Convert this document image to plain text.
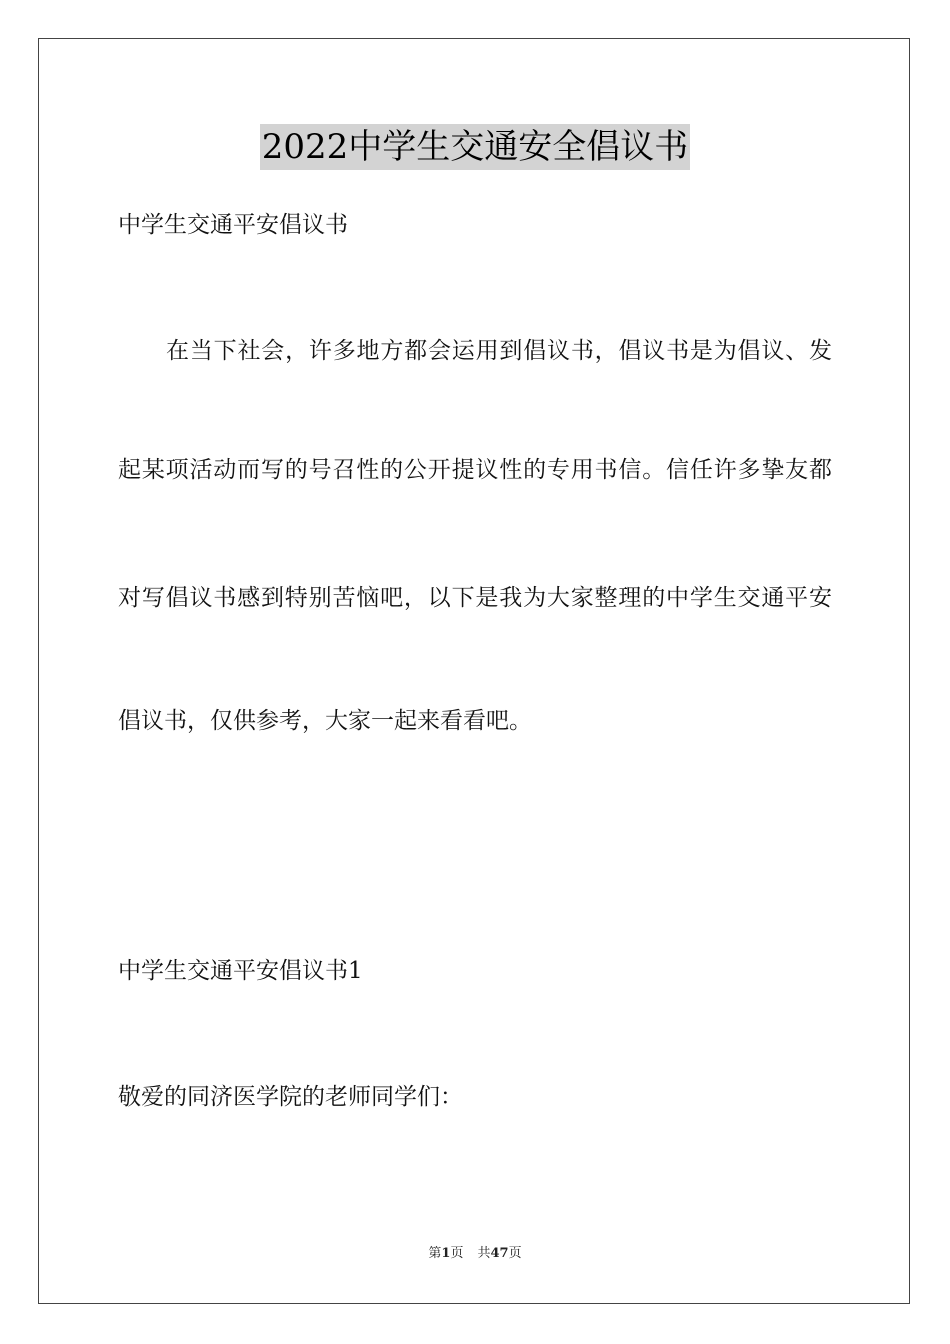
2022中学生交通安全倡议书
中学生交通平安倡议书
在当下社会，许多地方都会运用到倡议书，倡议书是为倡议、发
起某项活动而写的号召性的公开提议性的专用书信。信任许多挚友都
对写倡议书感到特别苦恼吧，以下是我为大家整理的中学生交通平安
倡议书，仅供参考，大家一起来看看吧。
中学生交通平安倡议书1
敬爱的同济医学院的老师同学们：
第1页 共47页
